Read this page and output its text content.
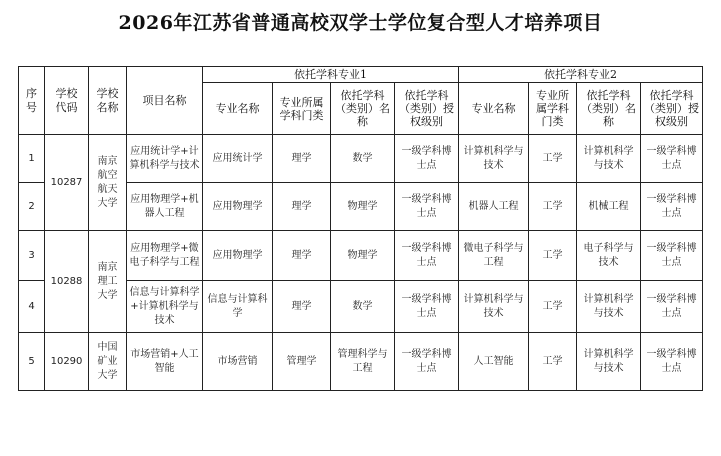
2026年江苏省普通高校双学士学位复合型人才培养项目
序号	学校代码	学校名称	项目名称	依托学科专业1				依托学科专业2			
				专业名称	专业所属学科门类	依托学科（类别）名称	依托学科（类别）授权级别	专业名称	专业所属学科门类	依托学科（类别）名称	依托学科（类别）授权级别
1	10287	南京航空航天大学	应用统计学+计算机科学与技术	应用统计学	理学	数学	一级学科博士点	计算机科学与技术	工学	计算机科学与技术	一级学科博士点
2			应用物理学+机器人工程	应用物理学	理学	物理学	一级学科博士点	机器人工程	工学	机械工程	一级学科博士点
3	10288	南京理工大学	应用物理学+微电子科学与工程	应用物理学	理学	物理学	一级学科博士点	微电子科学与工程	工学	电子科学与技术	一级学科博士点
4			信息与计算科学+计算机科学与技术	信息与计算科学	理学	数学	一级学科博士点	计算机科学与技术	工学	计算机科学与技术	一级学科博士点
5	10290	中国矿业大学	市场营销+人工智能	市场营销	管理学	管理科学与工程	一级学科博士点	人工智能	工学	计算机科学与技术	一级学科博士点
